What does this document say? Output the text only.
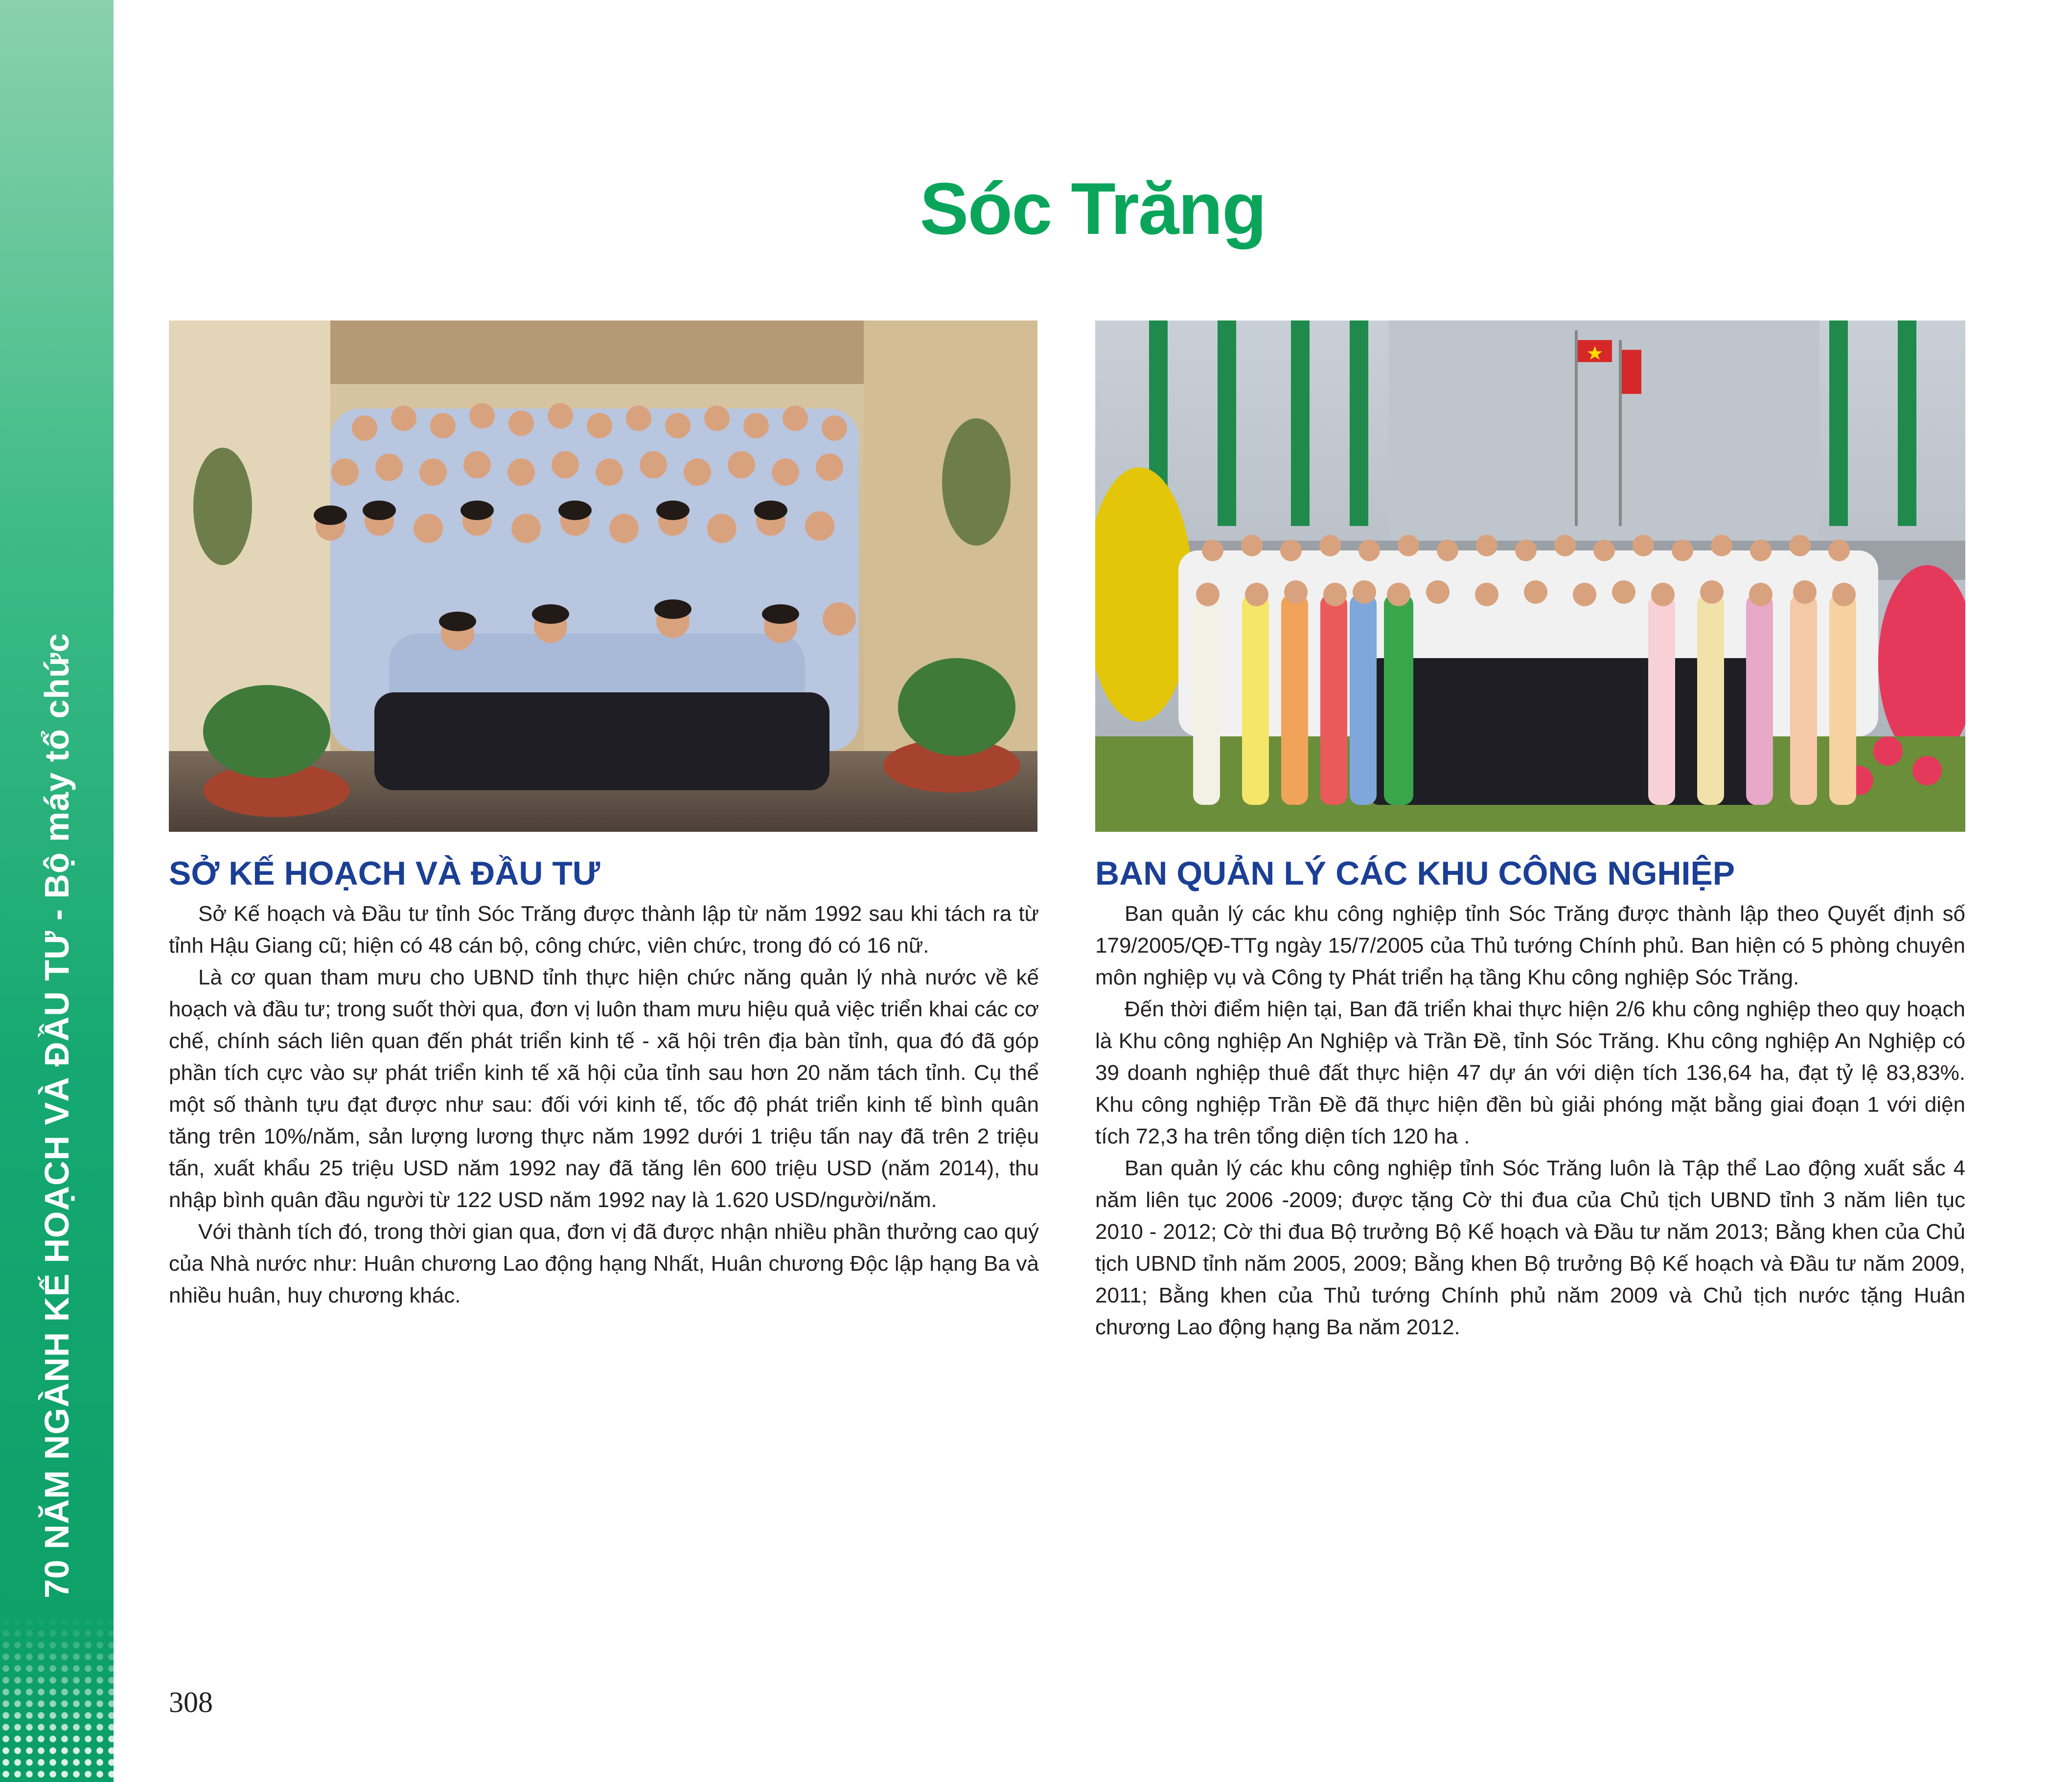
70 NĂM NGÀNH KẾ HOẠCH VÀ ĐẦU TƯ - Bộ máy tổ chức
Sóc Trăng
SỞ KẾ HOẠCH VÀ ĐẦU TƯ

Sở Kế hoạch và Đầu tư tỉnh Sóc Trăng được thành lập từ năm 1992 sau khi tách ra từ tỉnh Hậu Giang cũ; hiện có 48 cán bộ, công chức, viên chức, trong đó có 16 nữ.

Là cơ quan tham mưu cho UBND tỉnh thực hiện chức năng quản lý nhà nước về kế hoạch và đầu tư; trong suốt thời qua, đơn vị luôn tham mưu hiệu quả việc triển khai các cơ chế, chính sách liên quan đến phát triển kinh tế - xã hội trên địa bàn tỉnh, qua đó đã góp phần tích cực vào sự phát triển kinh tế xã hội của tỉnh sau hơn 20 năm tách tỉnh. Cụ thể một số thành tựu đạt được như sau: đối với kinh tế, tốc độ phát triển kinh tế bình quân tăng trên 10%/năm, sản lượng lương thực năm 1992 dưới 1 triệu tấn nay đã trên 2 triệu tấn, xuất khẩu 25 triệu USD năm 1992 nay đã tăng lên 600 triệu USD (năm 2014), thu nhập bình quân đầu người từ 122 USD năm 1992 nay là 1.620 USD/người/năm.

Với thành tích đó, trong thời gian qua, đơn vị đã được nhận nhiều phần thưởng cao quý của Nhà nước như: Huân chương Lao động hạng Nhất, Huân chương Độc lập hạng Ba và nhiều huân, huy chương khác.

BAN QUẢN LÝ CÁC KHU CÔNG NGHIỆP

Ban quản lý các khu công nghiệp tỉnh Sóc Trăng được thành lập theo Quyết định số 179/2005/QĐ-TTg ngày 15/7/2005 của Thủ tướng Chính phủ. Ban hiện có 5 phòng chuyên môn nghiệp vụ và Công ty Phát triển hạ tầng Khu công nghiệp Sóc Trăng.

Đến thời điểm hiện tại, Ban đã triển khai thực hiện 2/6 khu công nghiệp theo quy hoạch là Khu công nghiệp An Nghiệp và Trần Đề, tỉnh Sóc Trăng. Khu công nghiệp An Nghiệp có 39 doanh nghiệp thuê đất thực hiện 47 dự án với diện tích 136,64 ha, đạt tỷ lệ 83,83%. Khu công nghiệp Trần Đề đã thực hiện đền bù giải phóng mặt bằng giai đoạn 1 với diện tích 72,3 ha trên tổng diện tích 120 ha .

Ban quản lý các khu công nghiệp tỉnh Sóc Trăng luôn là Tập thể Lao động xuất sắc 4 năm liên tục 2006 -2009; được tặng Cờ thi đua của Chủ tịch UBND tỉnh 3 năm liên tục 2010 - 2012; Cờ thi đua Bộ trưởng Bộ Kế hoạch và Đầu tư năm 2013; Bằng khen của Chủ tịch UBND tỉnh năm 2005, 2009; Bằng khen Bộ trưởng Bộ Kế hoạch và Đầu tư năm 2009, 2011; Bằng khen của Thủ tướng Chính phủ năm 2009 và Chủ tịch nước tặng Huân chương Lao động hạng Ba năm 2012.

308
